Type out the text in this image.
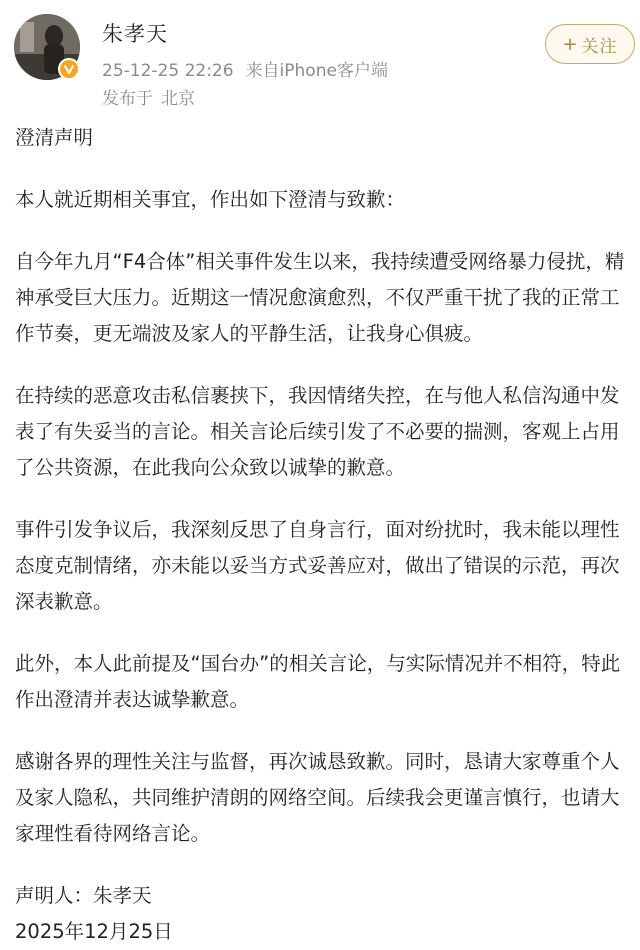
朱孝天
25-12-25 22:26 来自iPhone客户端
发布于 北京
+ 关注

澄清声明

本人就近期相关事宜，作出如下澄清与致歉：

自今年九月“F4合体”相关事件发生以来，我持续遭受网络暴力侵扰，精神承受巨大压力。近期这一情况愈演愈烈，不仅严重干扰了我的正常工作节奏，更无端波及家人的平静生活，让我身心俱疲。

在持续的恶意攻击私信裹挟下，我因情绪失控，在与他人私信沟通中发表了有失妥当的言论。相关言论后续引发了不必要的揣测，客观上占用了公共资源，在此我向公众致以诚挚的歉意。

事件引发争议后，我深刻反思了自身言行，面对纷扰时，我未能以理性态度克制情绪，亦未能以妥当方式妥善应对，做出了错误的示范，再次深表歉意。

此外，本人此前提及“国台办”的相关言论，与实际情况并不相符，特此作出澄清并表达诚挚歉意。

感谢各界的理性关注与监督，再次诚恳致歉。同时，恳请大家尊重个人及家人隐私，共同维护清朗的网络空间。后续我会更谨言慎行，也请大家理性看待网络言论。

声明人：朱孝天
2025年12月25日
